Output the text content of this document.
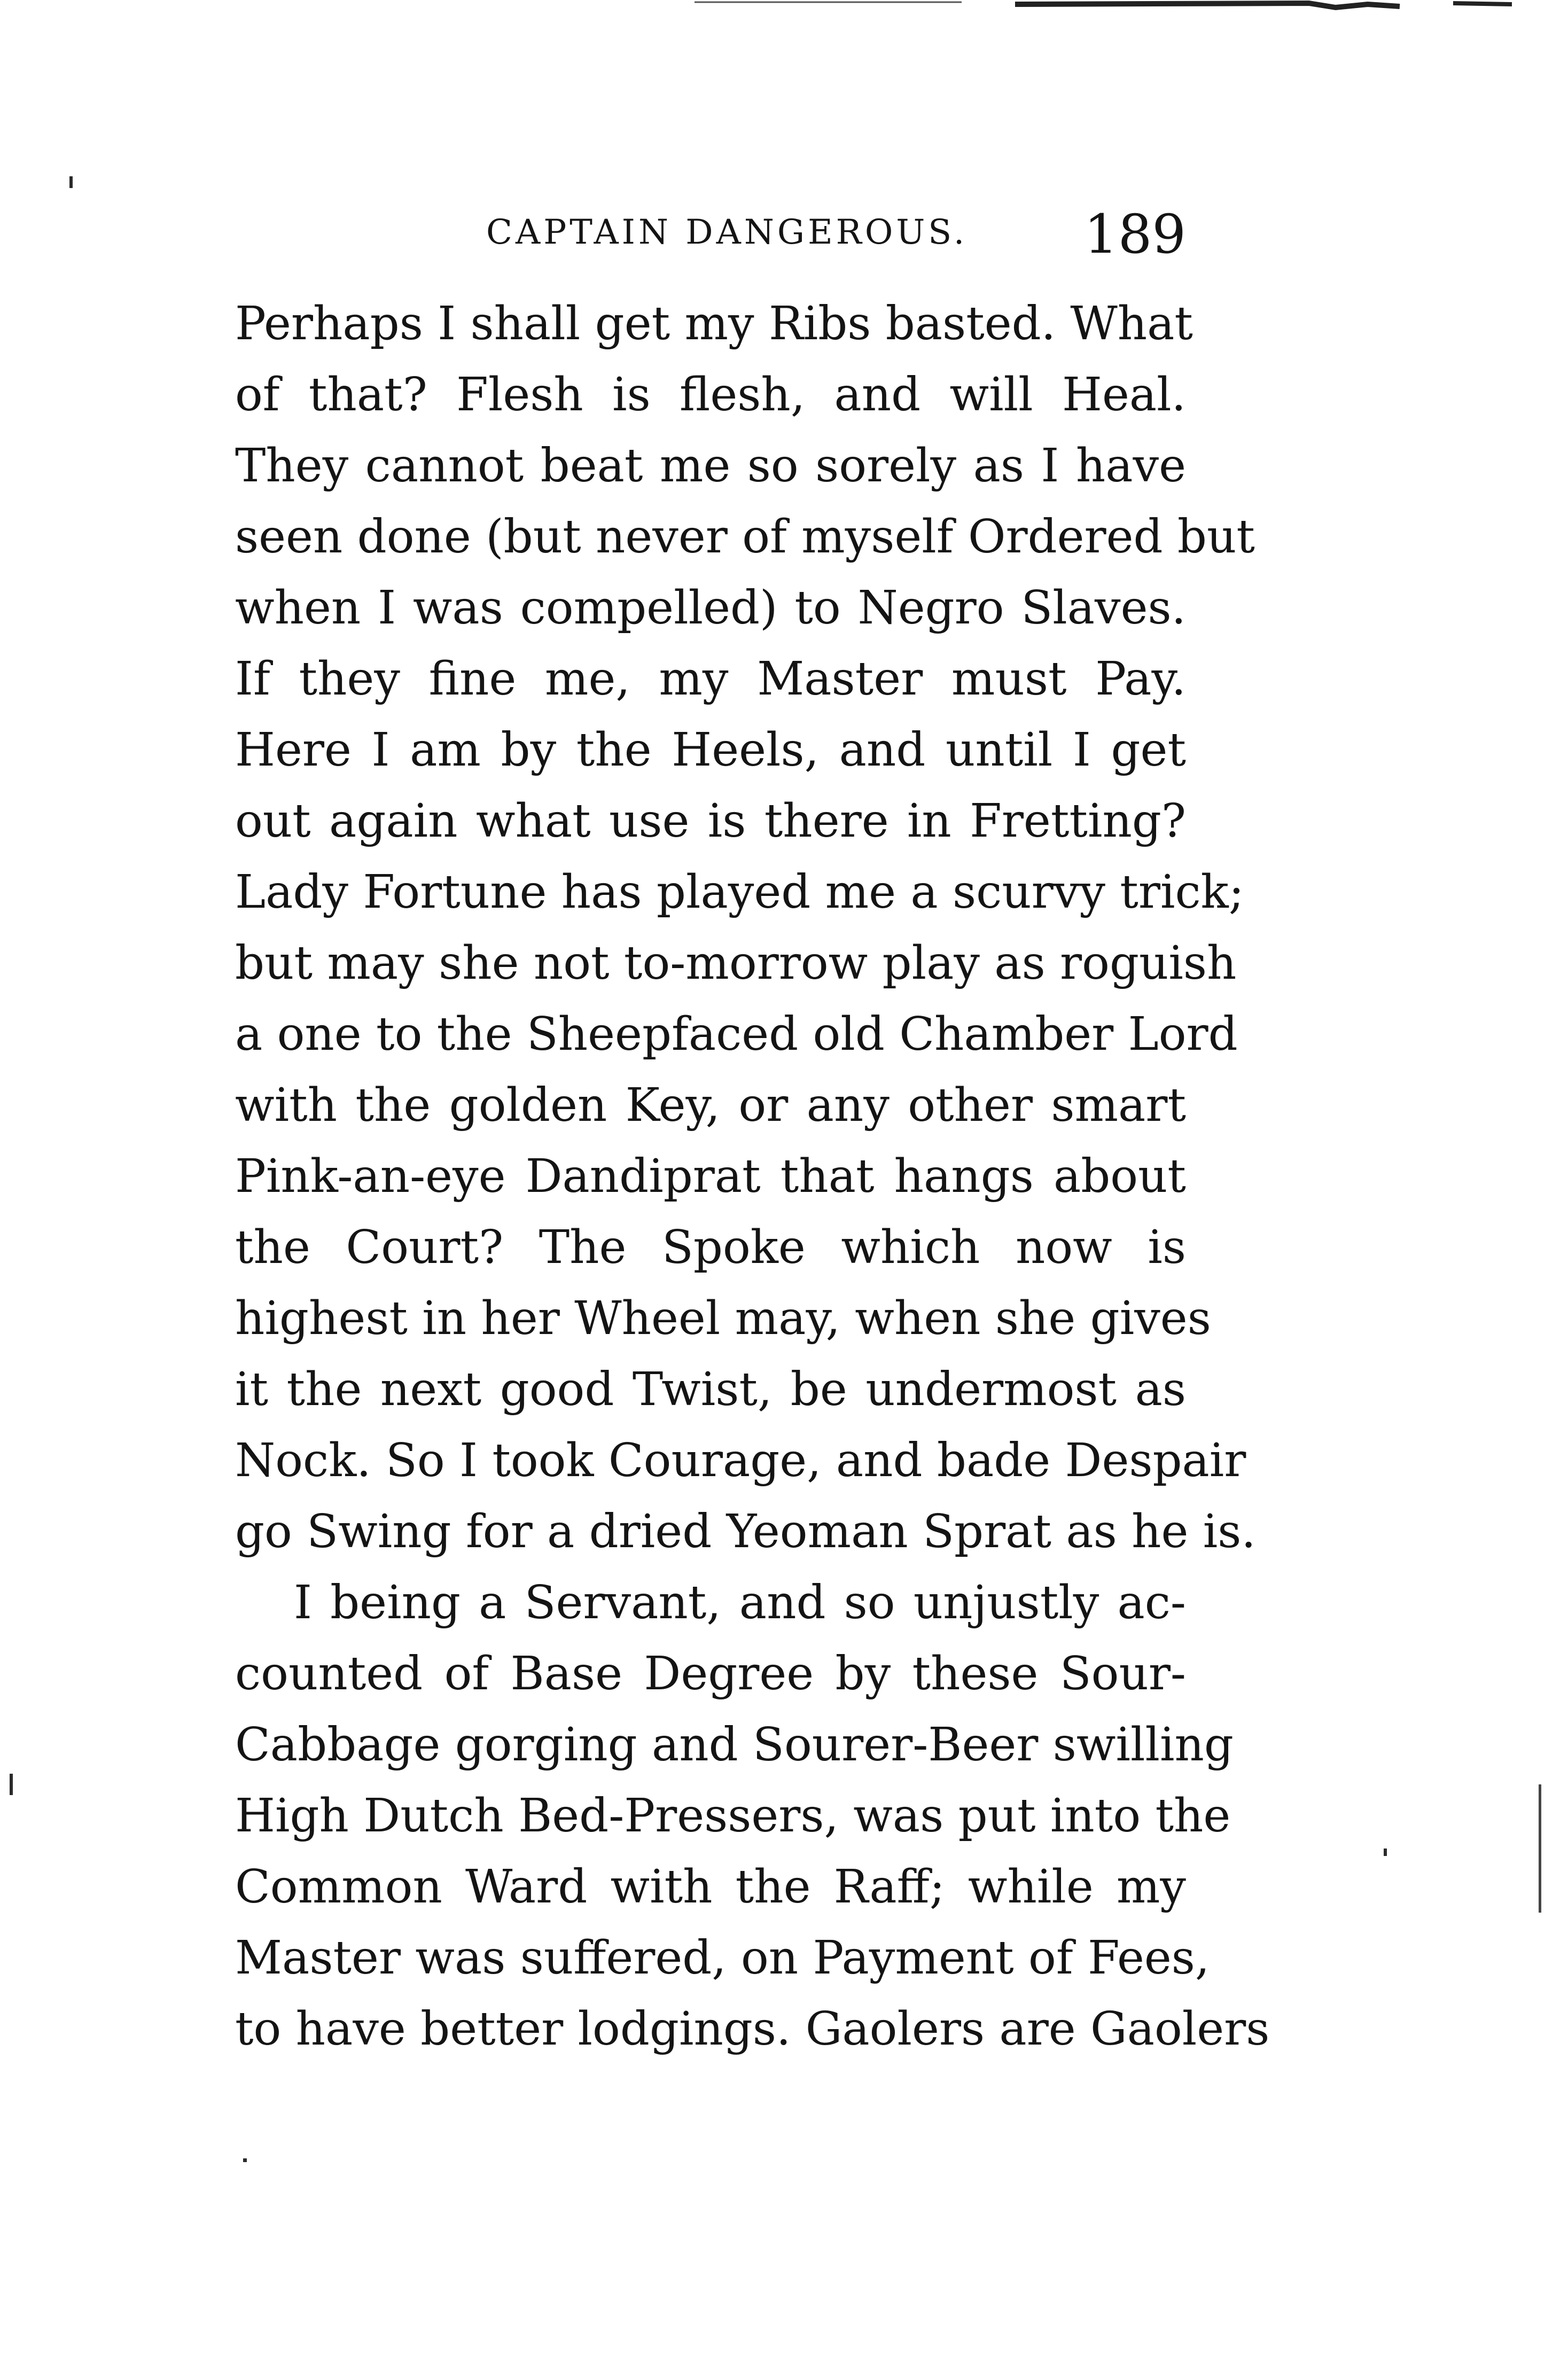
CAPTAIN DANGEROUS. 189
Perhaps I shall get my Ribs basted. What
of that? Flesh is flesh, and will Heal.
They cannot beat me so sorely as I have
seen done (but never of myself Ordered but
when I was compelled) to Negro Slaves.
If they fine me, my Master must Pay.
Here I am by the Heels, and until I get
out again what use is there in Fretting?
Lady Fortune has played me a scurvy trick;
but may she not to-morrow play as roguish
a one to the Sheepfaced old Chamber Lord
with the golden Key, or any other smart
Pink-an-eye Dandiprat that hangs about
the Court? The Spoke which now is
highest in her Wheel may, when she gives
it the next good Twist, be undermost as
Nock. So I took Courage, and bade Despair
go Swing for a dried Yeoman Sprat as he is.
I being a Servant, and so unjustly ac-
counted of Base Degree by these Sour-
Cabbage gorging and Sourer-Beer swilling
High Dutch Bed-Pressers, was put into the
Common Ward with the Raff; while my
Master was suffered, on Payment of Fees,
to have better lodgings. Gaolers are Gaolers
